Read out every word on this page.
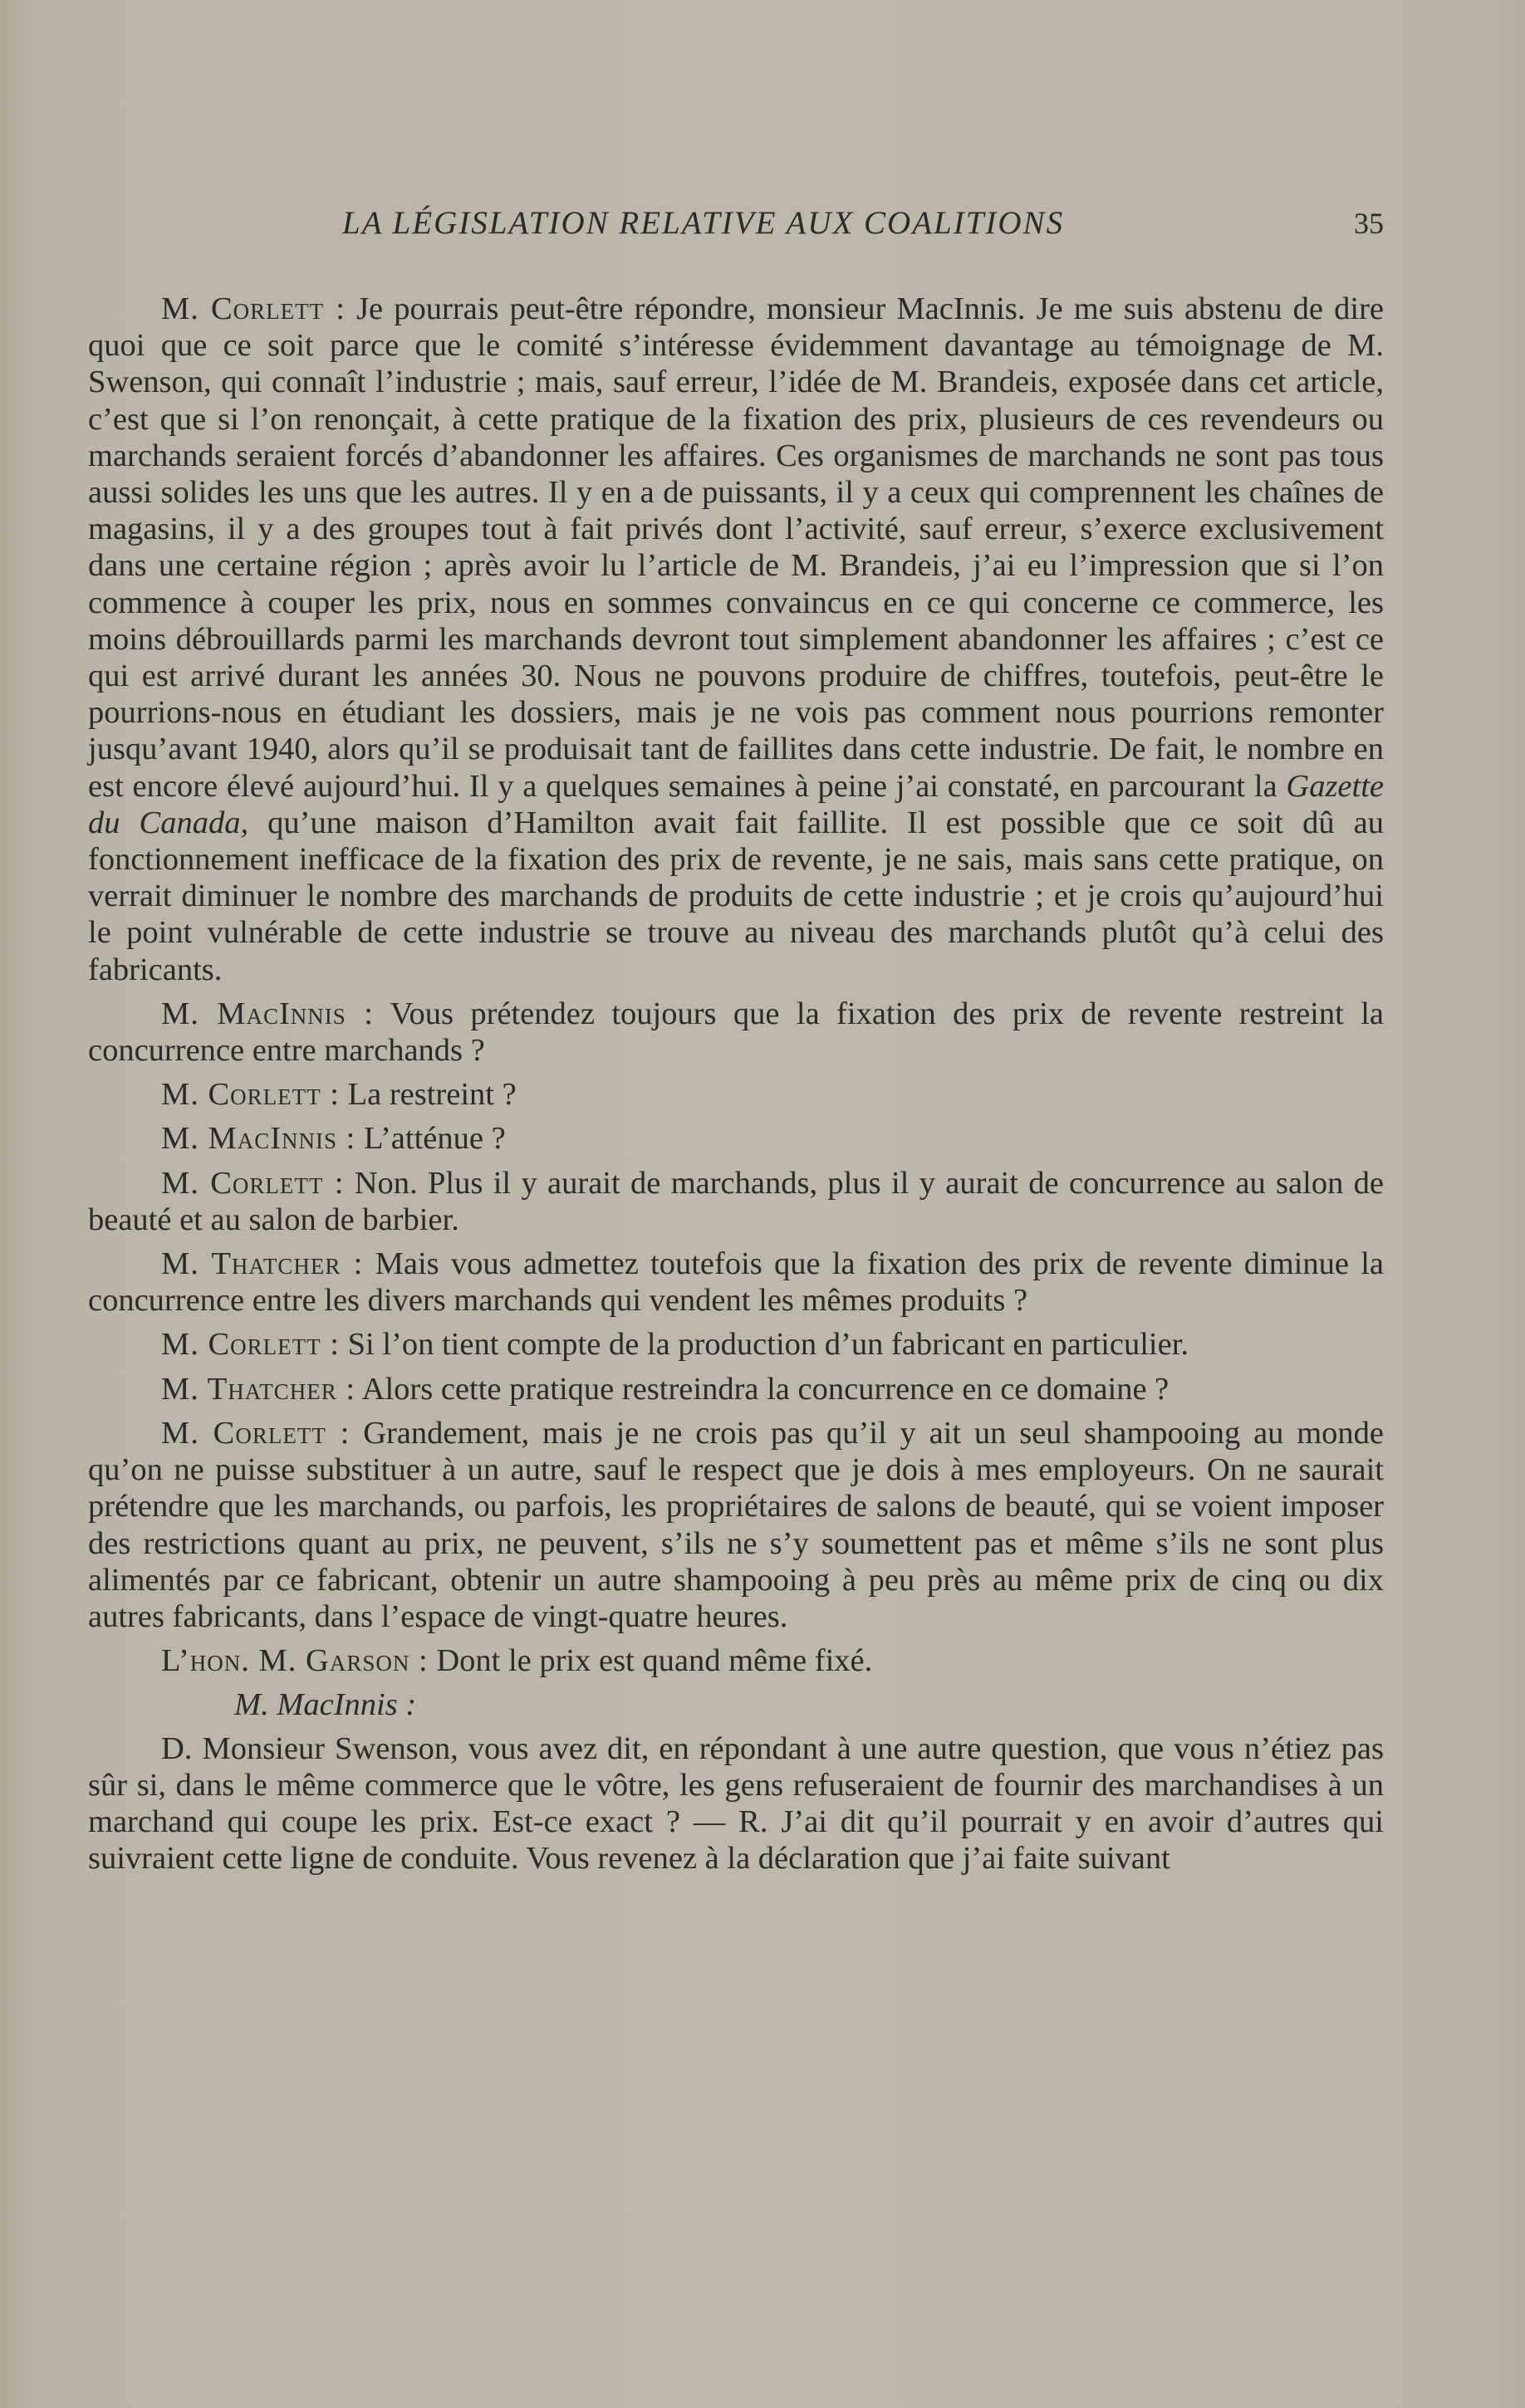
LA LÉGISLATION RELATIVE AUX COALITIONS	35

M. Corlett : Je pourrais peut-être répondre, monsieur MacInnis. Je me suis abstenu de dire quoi que ce soit parce que le comité s’intéresse évidemment davantage au témoignage de M. Swenson, qui connaît l’industrie ; mais, sauf erreur, l’idée de M. Brandeis, exposée dans cet article, c’est que si l’on renonçait, à cette pratique de la fixation des prix, plusieurs de ces revendeurs ou marchands seraient forcés d’abandonner les affaires. Ces organismes de marchands ne sont pas tous aussi solides les uns que les autres. Il y en a de puissants, il y a ceux qui comprennent les chaînes de magasins, il y a des groupes tout à fait privés dont l’activité, sauf erreur, s’exerce exclusivement dans une certaine région ; après avoir lu l’article de M. Brandeis, j’ai eu l’impression que si l’on commence à couper les prix, nous en sommes convaincus en ce qui concerne ce commerce, les moins débrouillards parmi les marchands devront tout simplement abandonner les affaires ; c’est ce qui est arrivé durant les années 30. Nous ne pouvons produire de chiffres, toutefois, peut-être le pourrions-nous en étudiant les dossiers, mais je ne vois pas comment nous pourrions remonter jusqu’avant 1940, alors qu’il se produisait tant de faillites dans cette industrie. De fait, le nombre en est encore élevé aujourd’hui. Il y a quelques semaines à peine j’ai constaté, en parcourant la Gazette du Canada, qu’une maison d’Hamilton avait fait faillite. Il est possible que ce soit dû au fonctionnement inefficace de la fixation des prix de revente, je ne sais, mais sans cette pratique, on verrait diminuer le nombre des marchands de produits de cette industrie ; et je crois qu’aujourd’hui le point vulnérable de cette industrie se trouve au niveau des marchands plutôt qu’à celui des fabricants.

M. MacInnis : Vous prétendez toujours que la fixation des prix de revente restreint la concurrence entre marchands ?

M. Corlett : La restreint ?

M. MacInnis : L’atténue ?

M. Corlett : Non. Plus il y aurait de marchands, plus il y aurait de concurrence au salon de beauté et au salon de barbier.

M. Thatcher : Mais vous admettez toutefois que la fixation des prix de revente diminue la concurrence entre les divers marchands qui vendent les mêmes produits ?

M. Corlett : Si l’on tient compte de la production d’un fabricant en particulier.

M. Thatcher : Alors cette pratique restreindra la concurrence en ce domaine ?

M. Corlett : Grandement, mais je ne crois pas qu’il y ait un seul shampooing au monde qu’on ne puisse substituer à un autre, sauf le respect que je dois à mes employeurs. On ne saurait prétendre que les marchands, ou parfois, les propriétaires de salons de beauté, qui se voient imposer des restrictions quant au prix, ne peuvent, s’ils ne s’y soumettent pas et même s’ils ne sont plus alimentés par ce fabricant, obtenir un autre shampooing à peu près au même prix de cinq ou dix autres fabricants, dans l’espace de vingt-quatre heures.

L’hon. M. Garson : Dont le prix est quand même fixé.

M. MacInnis :

D. Monsieur Swenson, vous avez dit, en répondant à une autre question, que vous n’étiez pas sûr si, dans le même commerce que le vôtre, les gens refuseraient de fournir des marchandises à un marchand qui coupe les prix. Est-ce exact ? — R. J’ai dit qu’il pourrait y en avoir d’autres qui suivraient cette ligne de conduite. Vous revenez à la déclaration que j’ai faite suivant
